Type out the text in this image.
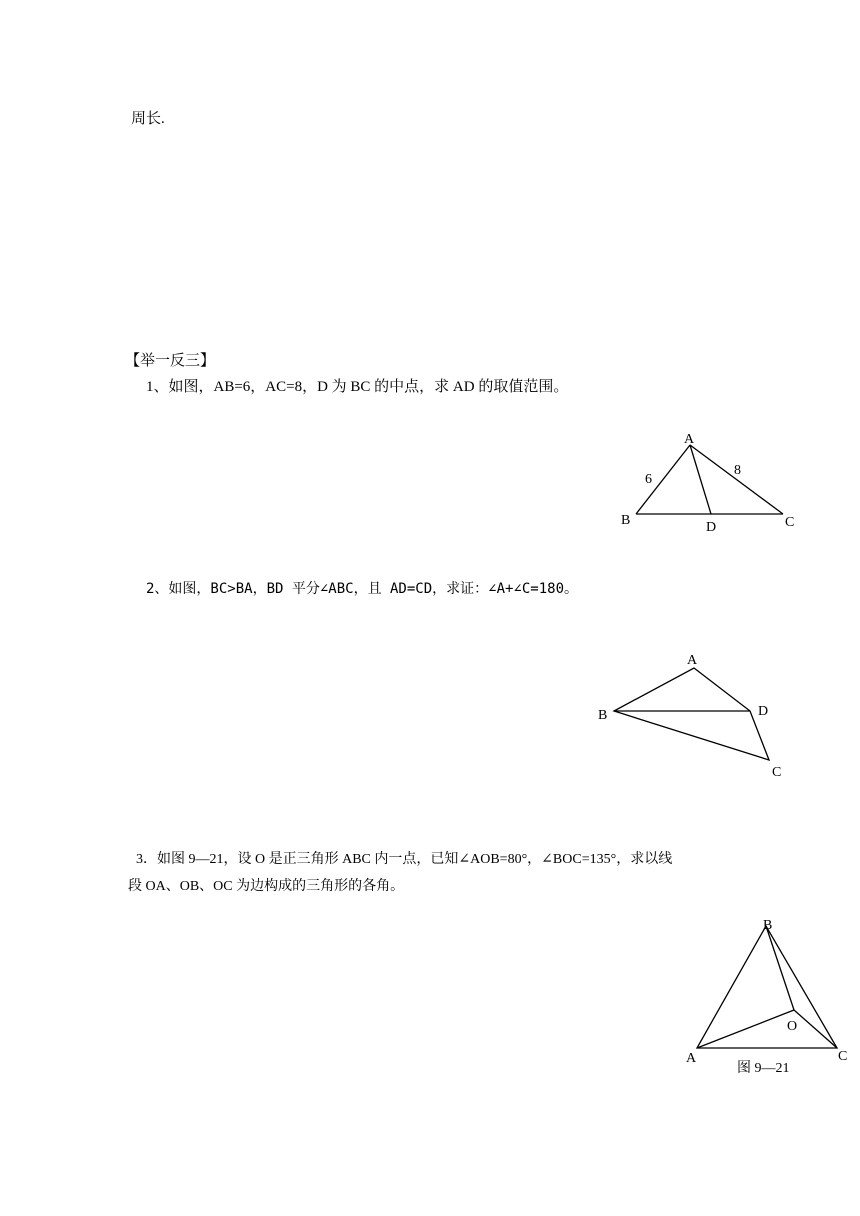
周长.
【举一反三】
1、如图，AB=6，AC=8，D 为 BC 的中点，求 AD 的取值范围。
A
B	C
D
6
8
A
B
C
D
A
B
C
O
图 9—21
2、如图，BC>BA，BD 平分∠ABC，且 AD=CD，求证：∠A+∠C=180。
3．如图 9—21，设 O 是正三角形 ABC 内一点，已知∠AOB=80°，∠BOC=135°，求以线
段 OA、OB、OC 为边构成的三角形的各角。
